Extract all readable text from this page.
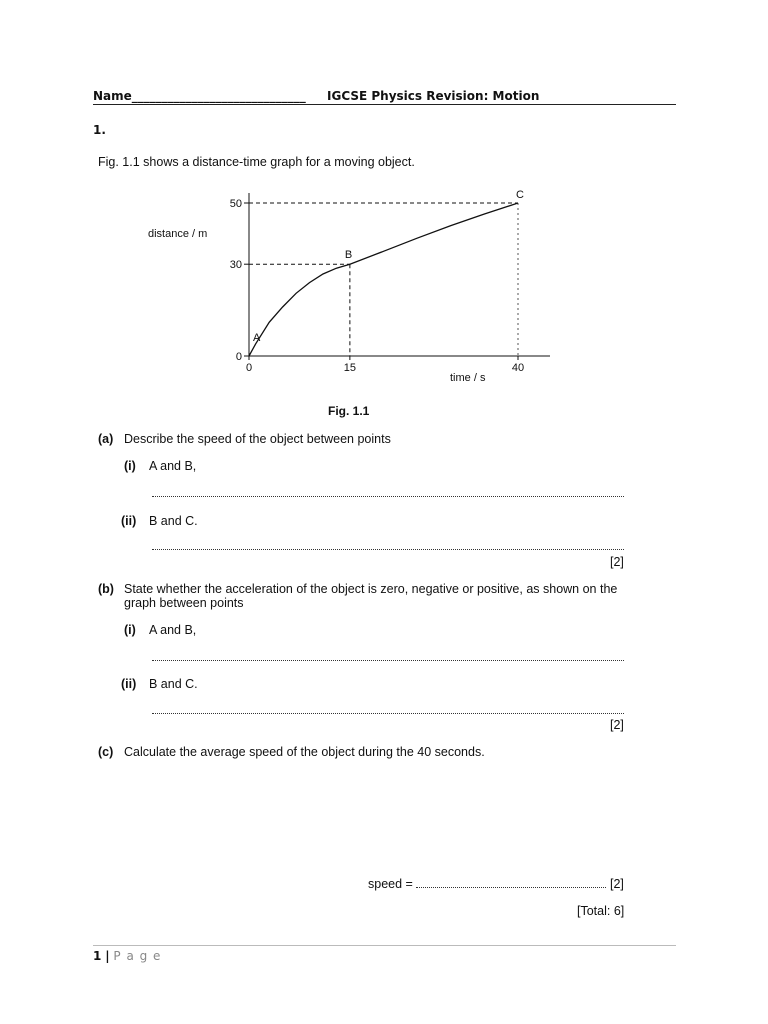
Name_____________________________ IGCSE Physics Revision: Motion
1.
Fig. 1.1 shows a distance-time graph for a moving object.
0
30
50
0	15	40
distance / m
time / s
A
B
C
Fig. 1.1
(a) Describe the speed of the object between points
(i) A and B,
(ii) B and C.
[2]
(b) State whether the acceleration of the object is zero, negative or positive, as shown on the
graph between points
(i) A and B,
(ii) B and C.
[2]
(c) Calculate the average speed of the object during the 40 seconds.
speed =	[2]
[Total: 6]
1 | P a g e
